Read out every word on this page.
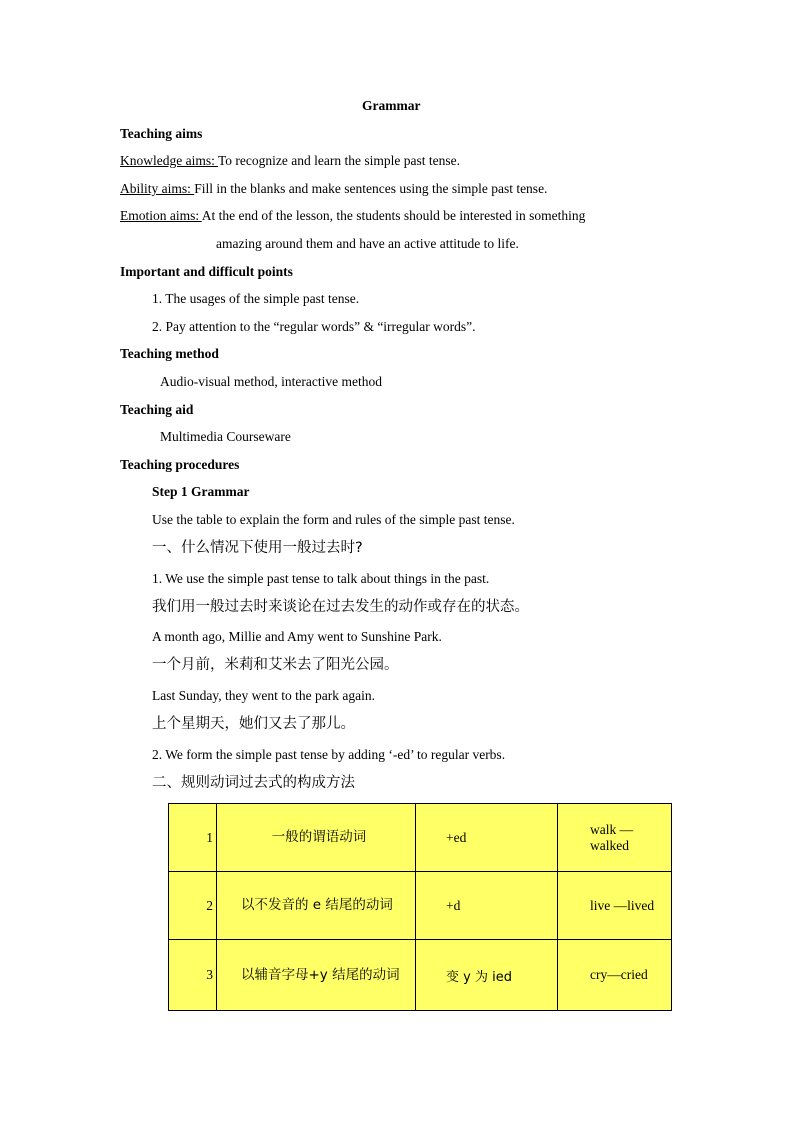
Grammar
Teaching aims
Knowledge aims: To recognize and learn the simple past tense.
Ability aims: Fill in the blanks and make sentences using the simple past tense.
Emotion aims: At the end of the lesson, the students should be interested in something
amazing around them and have an active attitude to life.
Important and difficult points
1. The usages of the simple past tense.
2. Pay attention to the “regular words” & “irregular words”.
Teaching method
Audio-visual method, interactive method
Teaching aid
Multimedia Courseware
Teaching procedures
Step 1 Grammar
Use the table to explain the form and rules of the simple past tense.
一、什么情况下使用一般过去时?
1. We use the simple past tense to talk about things in the past.
我们用一般过去时来谈论在过去发生的动作或存在的状态。
A month ago, Millie and Amy went to Sunshine Park.
一个月前，米莉和艾米去了阳光公园。
Last Sunday, they went to the park again.
上个星期天，她们又去了那儿。
2. We form the simple past tense by adding ‘-ed’ to regular verbs.
二、规则动词过去式的构成方法
1	一般的谓语动词	+ed	walk —walked
2	以不发音的 e 结尾的动词	+d	live —lived
3	以辅音字母+y 结尾的动词	变 y 为 ied	cry—cried
